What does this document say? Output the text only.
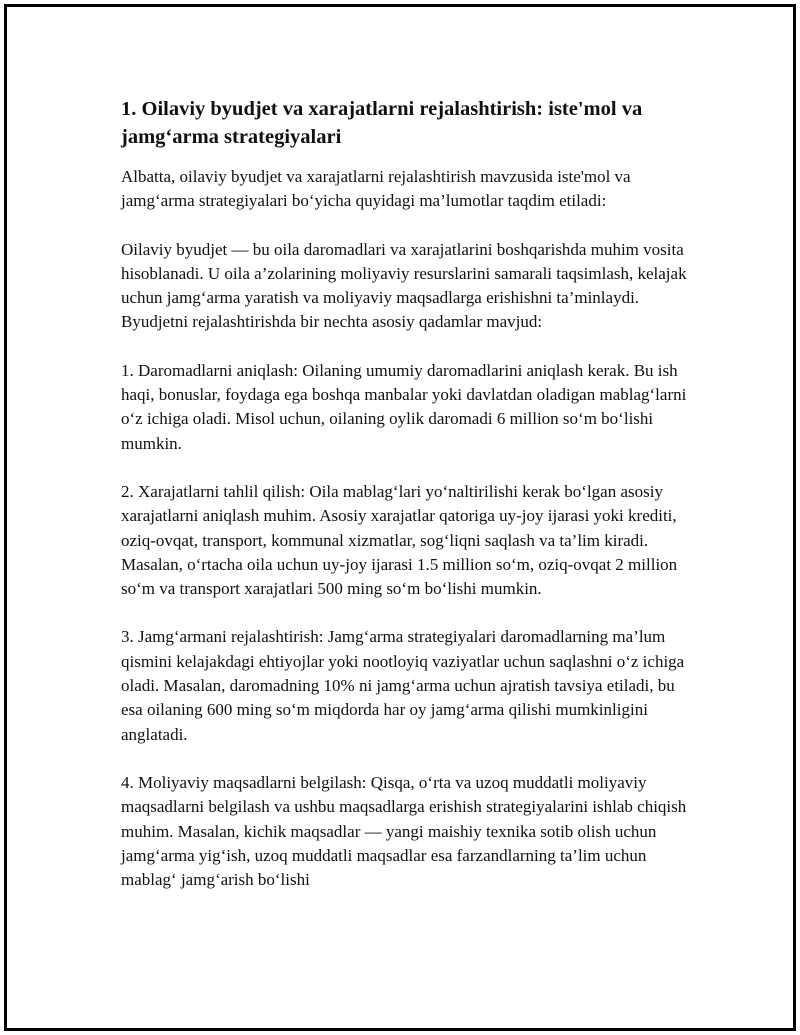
1. Oilaviy byudjet va xarajatlarni rejalashtirish: iste'mol va jamg‘arma strategiyalari

Albatta, oilaviy byudjet va xarajatlarni rejalashtirish mavzusida iste'mol va jamg‘arma strategiyalari bo‘yicha quyidagi ma’lumotlar taqdim etiladi:

Oilaviy byudjet — bu oila daromadlari va xarajatlarini boshqarishda muhim vosita hisoblanadi. U oila a’zolarining moliyaviy resurslarini samarali taqsimlash, kelajak uchun jamg‘arma yaratish va moliyaviy maqsadlarga erishishni ta’minlaydi. Byudjetni rejalashtirishda bir nechta asosiy qadamlar mavjud:

1. Daromadlarni aniqlash: Oilaning umumiy daromadlarini aniqlash kerak. Bu ish haqi, bonuslar, foydaga ega boshqa manbalar yoki davlatdan oladigan mablag‘larni o‘z ichiga oladi. Misol uchun, oilaning oylik daromadi 6 million so‘m bo‘lishi mumkin.

2. Xarajatlarni tahlil qilish: Oila mablag‘lari yo‘naltirilishi kerak bo‘lgan asosiy xarajatlarni aniqlash muhim. Asosiy xarajatlar qatoriga uy-joy ijarasi yoki krediti, oziq-ovqat, transport, kommunal xizmatlar, sog‘liqni saqlash va ta’lim kiradi. Masalan, o‘rtacha oila uchun uy-joy ijarasi 1.5 million so‘m, oziq-ovqat 2 million so‘m va transport xarajatlari 500 ming so‘m bo‘lishi mumkin.

3. Jamg‘armani rejalashtirish: Jamg‘arma strategiyalari daromadlarning ma’lum qismini kelajakdagi ehtiyojlar yoki nootloyiq vaziyatlar uchun saqlashni o‘z ichiga oladi. Masalan, daromadning 10% ni jamg‘arma uchun ajratish tavsiya etiladi, bu esa oilaning 600 ming so‘m miqdorda har oy jamg‘arma qilishi mumkinligini anglatadi.

4. Moliyaviy maqsadlarni belgilash: Qisqa, o‘rta va uzoq muddatli moliyaviy maqsadlarni belgilash va ushbu maqsadlarga erishish strategiyalarini ishlab chiqish muhim. Masalan, kichik maqsadlar — yangi maishiy texnika sotib olish uchun jamg‘arma yig‘ish, uzoq muddatli maqsadlar esa farzandlarning ta’lim uchun mablag‘ jamg‘arish bo‘lishi
